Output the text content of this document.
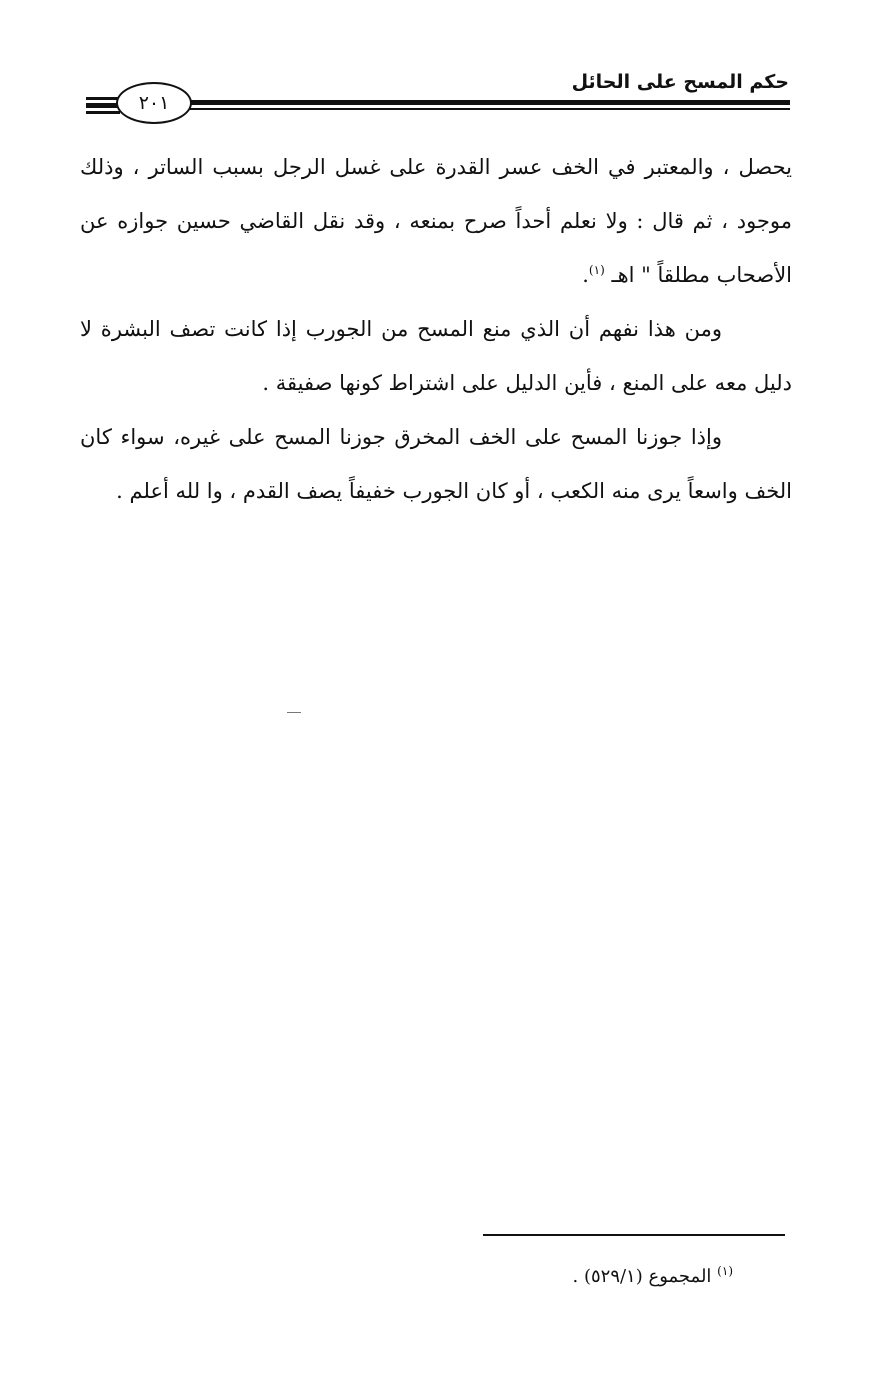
حكم المسح على الحائل
٢٠١

يحصل ، والمعتبر في الخف عسر القدرة على غسل الرجل بسبب الساتر ، وذلك موجود ، ثم قال : ولا نعلم أحداً صرح بمنعه ، وقد نقل القاضي حسين جوازه عن الأصحاب مطلقاً " اهـ $^{(١)}$.

ومن هذا نفهم أن الذي منع المسح من الجورب إذا كانت تصف البشرة لا دليل معه على المنع ، فأين الدليل على اشتراط كونها صفيقة .

وإذا جوزنا المسح على الخف المخرق جوزنا المسح على غيره، سواء كان الخف واسعاً يرى منه الكعب ، أو كان الجورب خفيفاً يصف القدم ، وا لله أعلم .

$^{(١)}$ المجموع (٥٢٩/١) .
